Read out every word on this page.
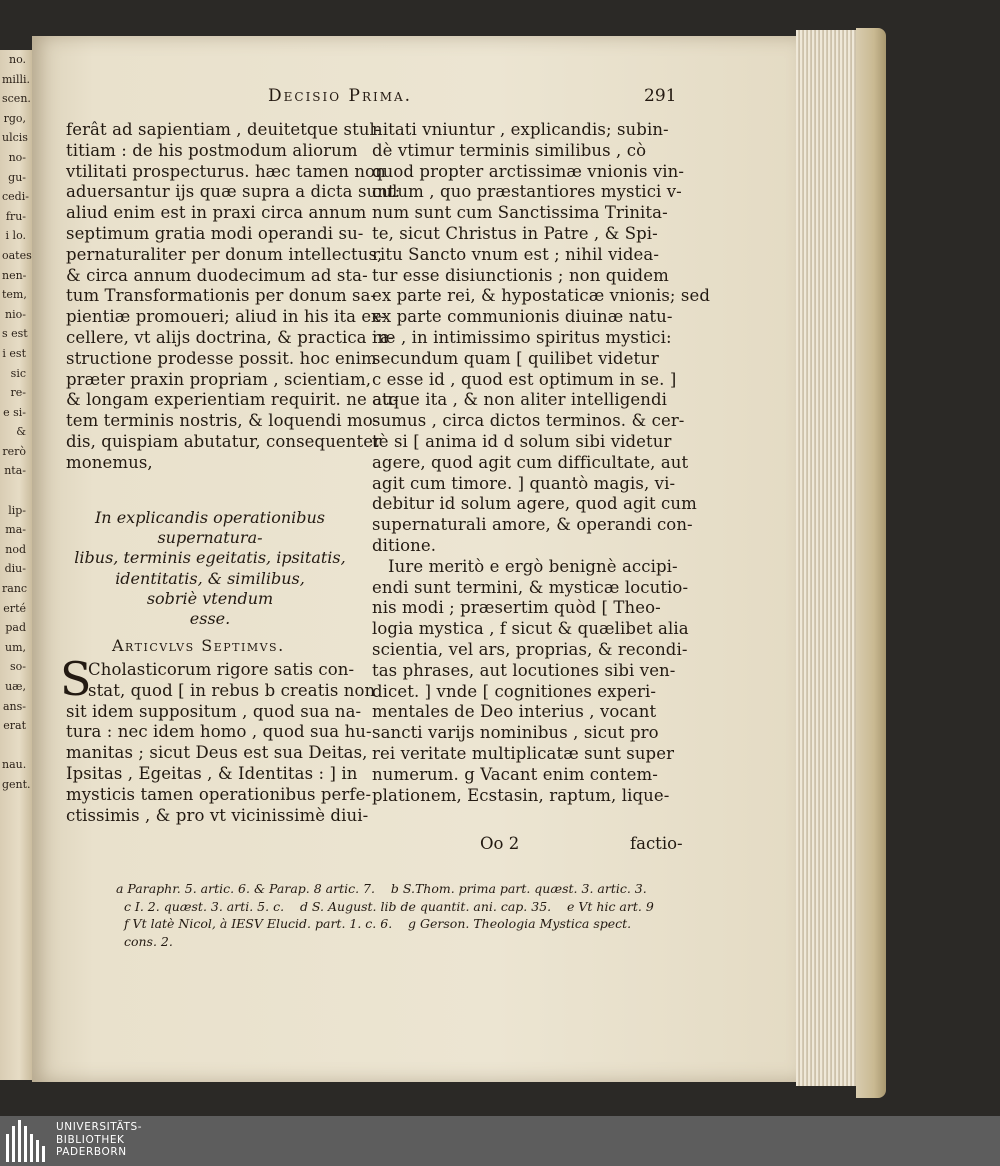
no.
milli.
scen.
rgo,
ulcis
no-
gu-
cedi-
fru-
i lo.
oates
nen-
tem,
nio-
s est
i est
sic
re-
e si-
&
rerò
nta-
lip-
ma-
nod
diu-
ranc
erté
pad
um,
so-
uæ,
ans-
erat
nau.
gent.
Decisio Prima.	291
ferât ad sapientiam , deuitetque stul-
titiam : de his postmodum aliorum
vtilitati prospecturus. hæc tamen non
aduersantur ijs quæ supra a dicta sunt:
aliud enim est in praxi circa annum
septimum gratia modi operandi su-
pernaturaliter per donum intellectus,
& circa annum duodecimum ad sta-
tum Transformationis per donum sa-
pientiæ promoueri; aliud in his ita ex-
cellere, vt alijs doctrina, & practica in-
structione prodesse possit. hoc enim
præter praxin propriam , scientiam,
& longam experientiam requirit. ne au-
tem terminis nostris, & loquendi mo-
dis, quispiam abutatur, consequenter
monemus,
In explicandis operationibus supernatura-
libus, terminis egeitatis, ipsitatis,
identitatis, & similibus,
sobriè vtendum
esse.
Articvlvs Septimvs.
S
Cholasticorum rigore satis con-
stat, quod [ in rebus b creatis non
sit idem suppositum , quod sua na-
tura : nec idem homo , quod sua hu-
manitas ; sicut Deus est sua Deitas,
Ipsitas , Egeitas , & Identitas : ] in
mysticis tamen operationibus perfe-
ctissimis , & pro vt vicinissimè diui-
nitati vniuntur , explicandis; subin-
dè vtimur terminis similibus , cò
quod propter arctissimæ vnionis vin-
culum , quo præstantiores mystici v-
num sunt cum Sanctissima Trinita-
te, sicut Christus in Patre , & Spi-
ritu Sancto vnum est ; nihil videa-
tur esse disiunctionis ; non quidem
ex parte rei, & hypostaticæ vnionis; sed
ex parte communionis diuinæ natu-
ræ , in intimissimo spiritus mystici:
secundum quam [ quilibet videtur
c esse id , quod est optimum in se. ]
atque ita , & non aliter intelligendi
sumus , circa dictos terminos. & cer-
tè si [ anima id d solum sibi videtur
agere, quod agit cum difficultate, aut
agit cum timore. ] quantò magis, vi-
debitur id solum agere, quod agit cum
supernaturali amore, & operandi con-
ditione.
Iure meritò e ergò benignè accipi-
endi sunt termini, & mysticæ locutio-
nis modi ; præsertim quòd [ Theo-
logia mystica , f sicut & quælibet alia
scientia, vel ars, proprias, & recondi-
tas phrases, aut locutiones sibi ven-
dicet. ] vnde [ cognitiones experi-
mentales de Deo interius , vocant
sancti varijs nominibus , sicut pro
rei veritate multiplicatæ sunt super
numerum. g Vacant enim contem-
plationem, Ecstasin, raptum, lique-
Oo 2	factio-
a Paraphr. 5. artic. 6. & Parap. 8 artic. 7.    b S.Thom. prima part. quæst. 3. artic. 3.
c I. 2. quæst. 3. arti. 5. c.    d S. August. lib de quantit. ani. cap. 35.    e Vt hic art. 9
f Vt latè Nicol, à IESV Elucid. part. 1. c. 6.    g Gerson. Theologia Mystica spect.
cons. 2.
UNIVERSITÄTS-
BIBLIOTHEK
PADERBORN
